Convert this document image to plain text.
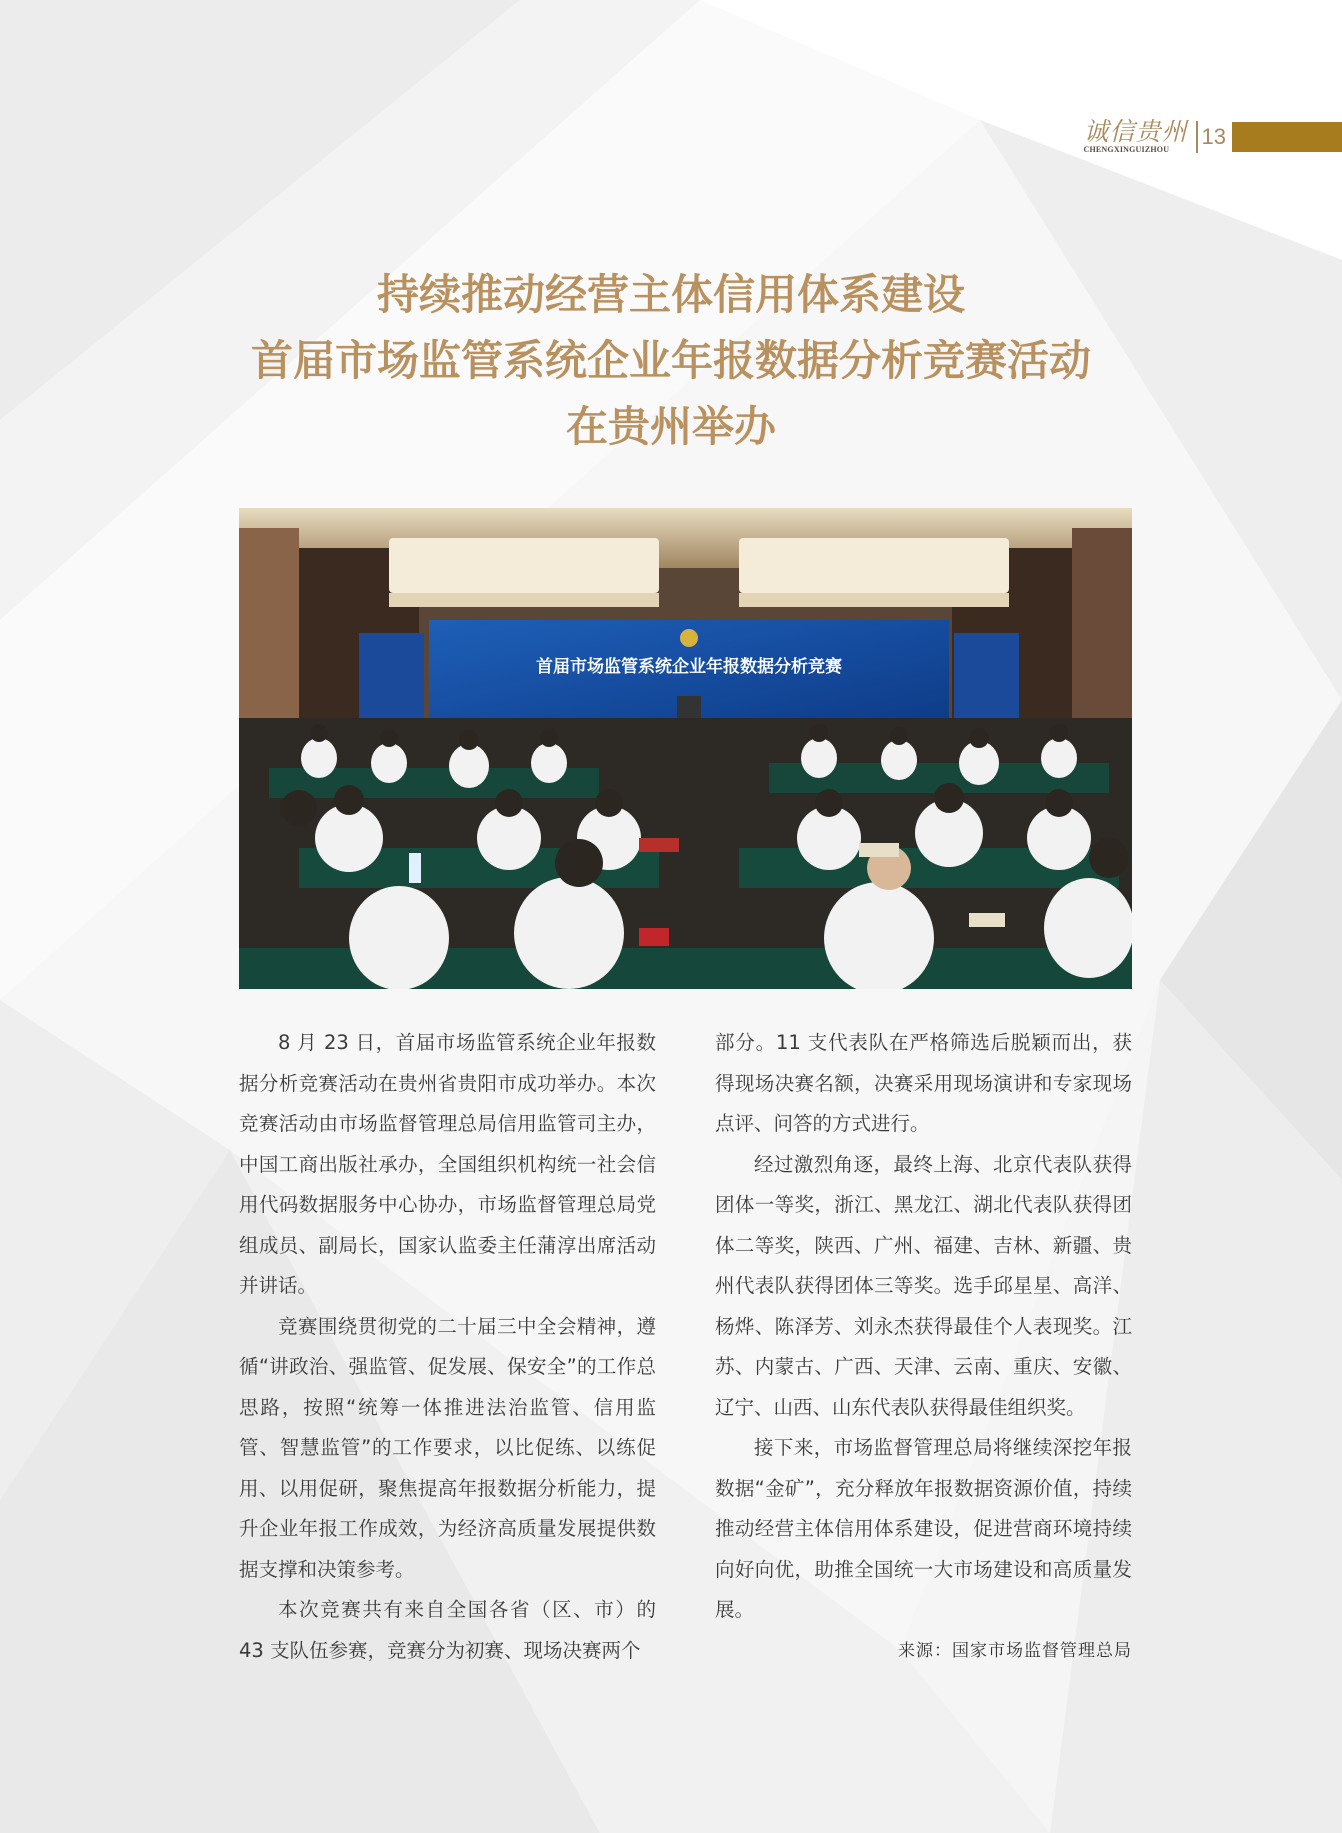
诚信贵州
CHENGXINGUIZHOU
13
持续推动经营主体信用体系建设
首届市场监管系统企业年报数据分析竞赛活动
在贵州举办
首届市场监管系统企业年报数据分析竞赛

8 月 23 日，首届市场监管系统企业年报数据分析竞赛活动在贵州省贵阳市成功举办。本次竞赛活动由市场监督管理总局信用监管司主办，中国工商出版社承办，全国组织机构统一社会信用代码数据服务中心协办，市场监督管理总局党组成员、副局长，国家认监委主任蒲淳出席活动并讲话。

竞赛围绕贯彻党的二十届三中全会精神，遵循“讲政治、强监管、促发展、保安全”的工作总思路，按照“统筹一体推进法治监管、信用监管、智慧监管”的工作要求，以比促练、以练促用、以用促研，聚焦提高年报数据分析能力，提升企业年报工作成效，为经济高质量发展提供数据支撑和决策参考。

本次竞赛共有来自全国各省（区、市）的 43 支队伍参赛，竞赛分为初赛、现场决赛两个

部分。11 支代表队在严格筛选后脱颖而出，获得现场决赛名额，决赛采用现场演讲和专家现场点评、问答的方式进行。

经过激烈角逐，最终上海、北京代表队获得团体一等奖，浙江、黑龙江、湖北代表队获得团体二等奖，陕西、广州、福建、吉林、新疆、贵州代表队获得团体三等奖。选手邱星星、高洋、杨烨、陈泽芳、刘永杰获得最佳个人表现奖。江苏、内蒙古、广西、天津、云南、重庆、安徽、辽宁、山西、山东代表队获得最佳组织奖。

接下来，市场监督管理总局将继续深挖年报数据“金矿”，充分释放年报数据资源价值，持续推动经营主体信用体系建设，促进营商环境持续向好向优，助推全国统一大市场建设和高质量发展。

来源：国家市场监督管理总局
